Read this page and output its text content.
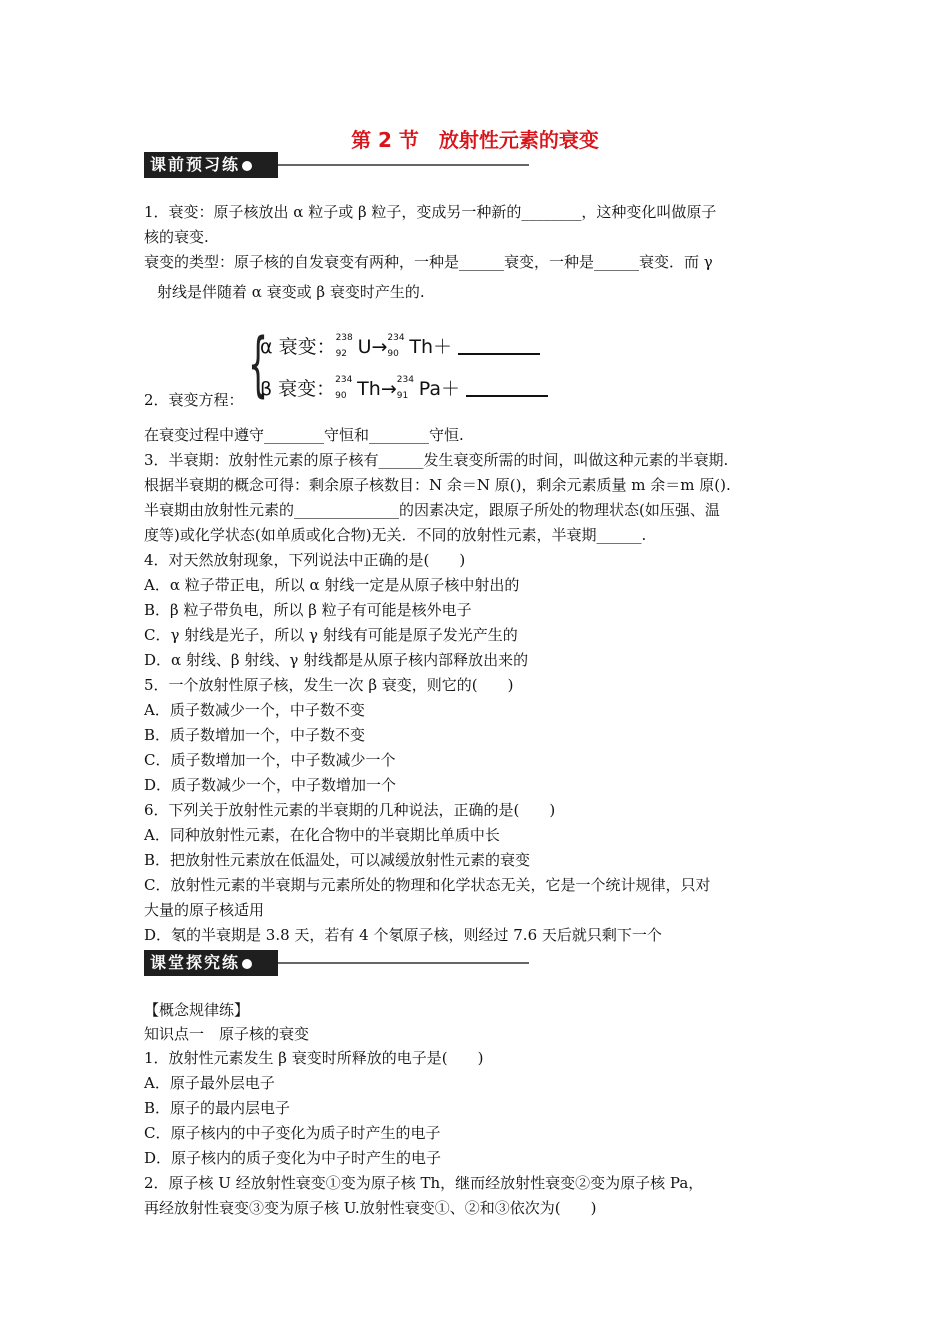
第 2 节　放射性元素的衰变
课前预习练
1．衰变：原子核放出 α 粒子或 β 粒子，变成另一种新的________，这种变化叫做原子
核的衰变.
衰变的类型：原子核的自发衰变有两种，一种是______衰变，一种是______衰变．而 γ
射线是伴随着 α 衰变或 β 衰变时产生的.
{
α 衰变： 238
92 U→ 234
90 Th＋
β 衰变： 234
90 Th→ 234
91 Pa＋
2．衰变方程：
在衰变过程中遵守________守恒和________守恒.
3．半衰期：放射性元素的原子核有______发生衰变所需的时间，叫做这种元素的半衰期.
根据半衰期的概念可得：剩余原子核数目：N 余＝N 原()，剩余元素质量 m 余＝m 原().
半衰期由放射性元素的______________的因素决定，跟原子所处的物理状态(如压强、温
度等)或化学状态(如单质或化合物)无关．不同的放射性元素，半衰期______.
4．对天然放射现象，下列说法中正确的是(　　)
A．α 粒子带正电，所以 α 射线一定是从原子核中射出的
B．β 粒子带负电，所以 β 粒子有可能是核外电子
C．γ 射线是光子，所以 γ 射线有可能是原子发光产生的
D．α 射线、β 射线、γ 射线都是从原子核内部释放出来的
5．一个放射性原子核，发生一次 β 衰变，则它的(　　)
A．质子数减少一个，中子数不变
B．质子数增加一个，中子数不变
C．质子数增加一个，中子数减少一个
D．质子数减少一个，中子数增加一个
6．下列关于放射性元素的半衰期的几种说法，正确的是(　　)
A．同种放射性元素，在化合物中的半衰期比单质中长
B．把放射性元素放在低温处，可以减缓放射性元素的衰变
C．放射性元素的半衰期与元素所处的物理和化学状态无关，它是一个统计规律，只对
大量的原子核适用
D．氡的半衰期是 3.8 天，若有 4 个氡原子核，则经过 7.6 天后就只剩下一个
课堂探究练
【概念规律练】
知识点一　原子核的衰变
1．放射性元素发生 β 衰变时所释放的电子是(　　)
A．原子最外层电子
B．原子的最内层电子
C．原子核内的中子变化为质子时产生的电子
D．原子核内的质子变化为中子时产生的电子
2．原子核 U 经放射性衰变①变为原子核 Th，继而经放射性衰变②变为原子核 Pa，
再经放射性衰变③变为原子核 U.放射性衰变①、②和③依次为(　　)
